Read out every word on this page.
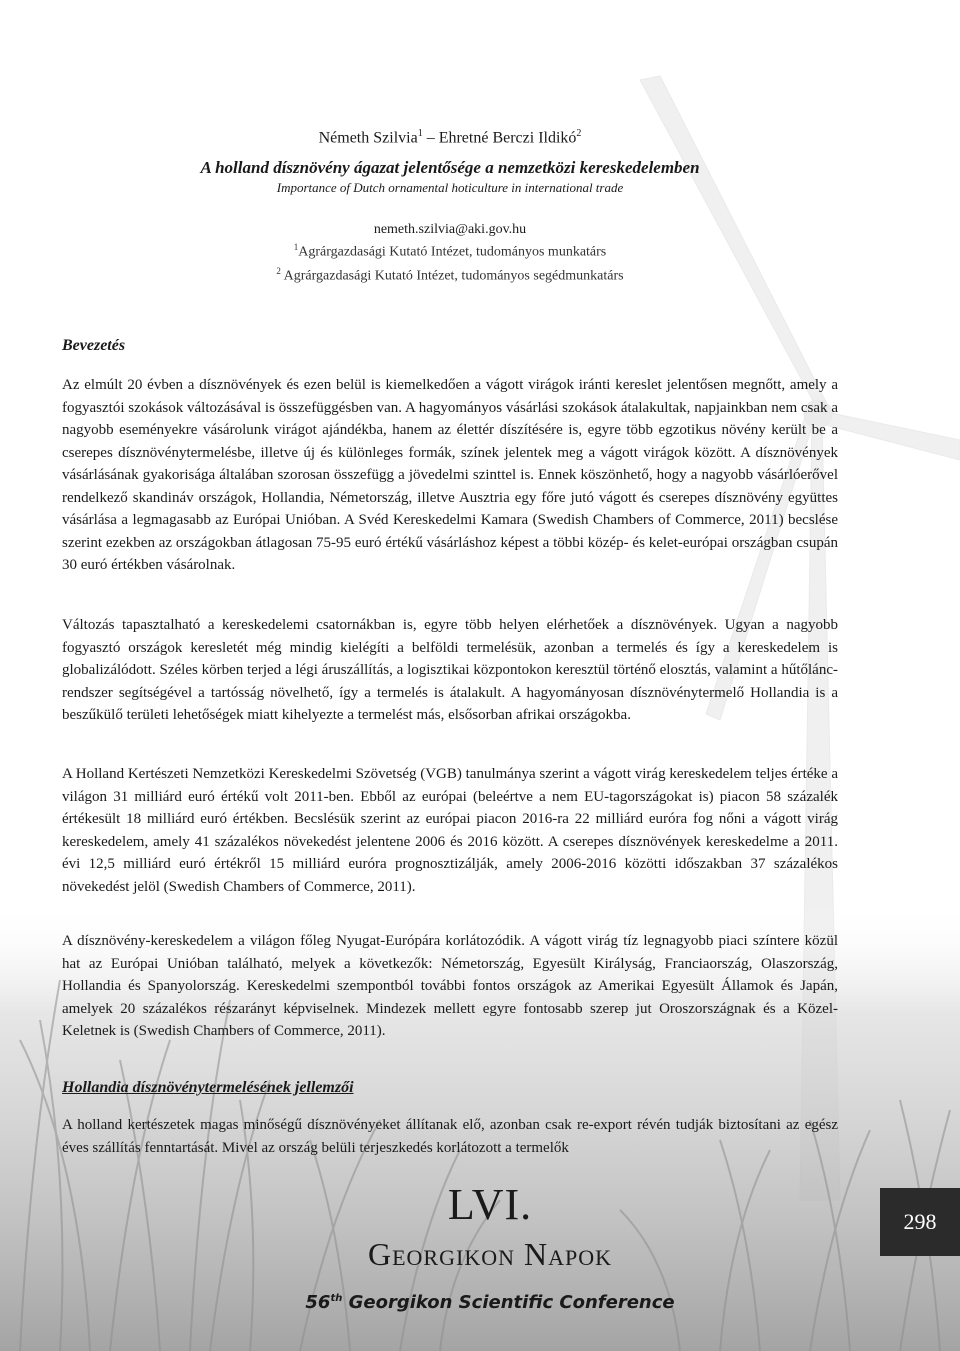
Németh Szilvia$^1$ – Ehretné Berczi Ildikó$^2$
A holland dísznövény ágazat jelentősége a nemzetközi kereskedelemben
Importance of Dutch ornamental hoticulture in international trade
nemeth.szilvia@aki.gov.hu
$^1$Agrárgazdasági Kutató Intézet, tudományos munkatárs
$^2$ Agrárgazdasági Kutató Intézet, tudományos segédmunkatárs
Bevezetés
Az elmúlt 20 évben a dísznövények és ezen belül is kiemelkedően a vágott virágok iránti kereslet jelentősen megnőtt, amely a fogyasztói szokások változásával is összefüggésben van. A hagyományos vásárlási szokások átalakultak, napjainkban nem csak a nagyobb eseményekre vásárolunk virágot ajándékba, hanem az élettér díszítésére is, egyre több egzotikus növény került be a cserepes dísznövénytermelésbe, illetve új és különleges formák, színek jelentek meg a vágott virágok között. A dísznövények vásárlásának gyakorisága általában szorosan összefügg a jövedelmi szinttel is. Ennek köszönhető, hogy a nagyobb vásárlóerővel rendelkező skandináv országok, Hollandia, Németország, illetve Ausztria egy főre jutó vágott és cserepes dísznövény együttes vásárlása a legmagasabb az Európai Unióban. A Svéd Kereskedelmi Kamara (Swedish Chambers of Commerce, 2011) becslése szerint ezekben az országokban átlagosan 75-95 euró értékű vásárláshoz képest a többi közép- és kelet-európai országban csupán 30 euró értékben vásárolnak.
Változás tapasztalható a kereskedelemi csatornákban is, egyre több helyen elérhetőek a dísznövények. Ugyan a nagyobb fogyasztó országok keresletét még mindig kielégíti a belföldi termelésük, azonban a termelés és így a kereskedelem is globalizálódott. Széles körben terjed a légi áruszállítás, a logisztikai központokon keresztül történő elosztás, valamint a hűtőlánc-rendszer segítségével a tartósság növelhető, így a termelés is átalakult. A hagyományosan dísznövénytermelő Hollandia is a beszűkülő területi lehetőségek miatt kihelyezte a termelést más, elsősorban afrikai országokba.
A Holland Kertészeti Nemzetközi Kereskedelmi Szövetség (VGB) tanulmánya szerint a vágott virág kereskedelem teljes értéke a világon 31 milliárd euró értékű volt 2011-ben. Ebből az európai (beleértve a nem EU-tagországokat is) piacon 58 százalék értékesült 18 milliárd euró értékben. Becslésük szerint az európai piacon 2016-ra 22 milliárd euróra fog nőni a vágott virág kereskedelem, amely 41 százalékos növekedést jelentene 2006 és 2016 között. A cserepes dísznövények kereskedelme a 2011. évi 12,5 milliárd euró értékről 15 milliárd euróra prognosztizálják, amely 2006-2016 közötti időszakban 37 százalékos növekedést jelöl (Swedish Chambers of Commerce, 2011).
A dísznövény-kereskedelem a világon főleg Nyugat-Európára korlátozódik. A vágott virág tíz legnagyobb piaci színtere közül hat az Európai Unióban található, melyek a következők: Németország, Egyesült Királyság, Franciaország, Olaszország, Hollandia és Spanyolország. Kereskedelmi szempontból további fontos országok az Amerikai Egyesült Államok és Japán, amelyek 20 százalékos részarányt képviselnek. Mindezek mellett egyre fontosabb szerep jut Oroszországnak és a Közel-Keletnek is (Swedish Chambers of Commerce, 2011).
Hollandia dísznövénytermelésének jellemzői
A holland kertészetek magas minőségű dísznövényeket állítanak elő, azonban csak re-export révén tudják biztosítani az egész éves szállítás fenntartását. Mivel az ország belüli terjeszkedés korlátozott a termelők
LVI.
Georgikon Napok
56th Georgikon Scientific Conference
298
